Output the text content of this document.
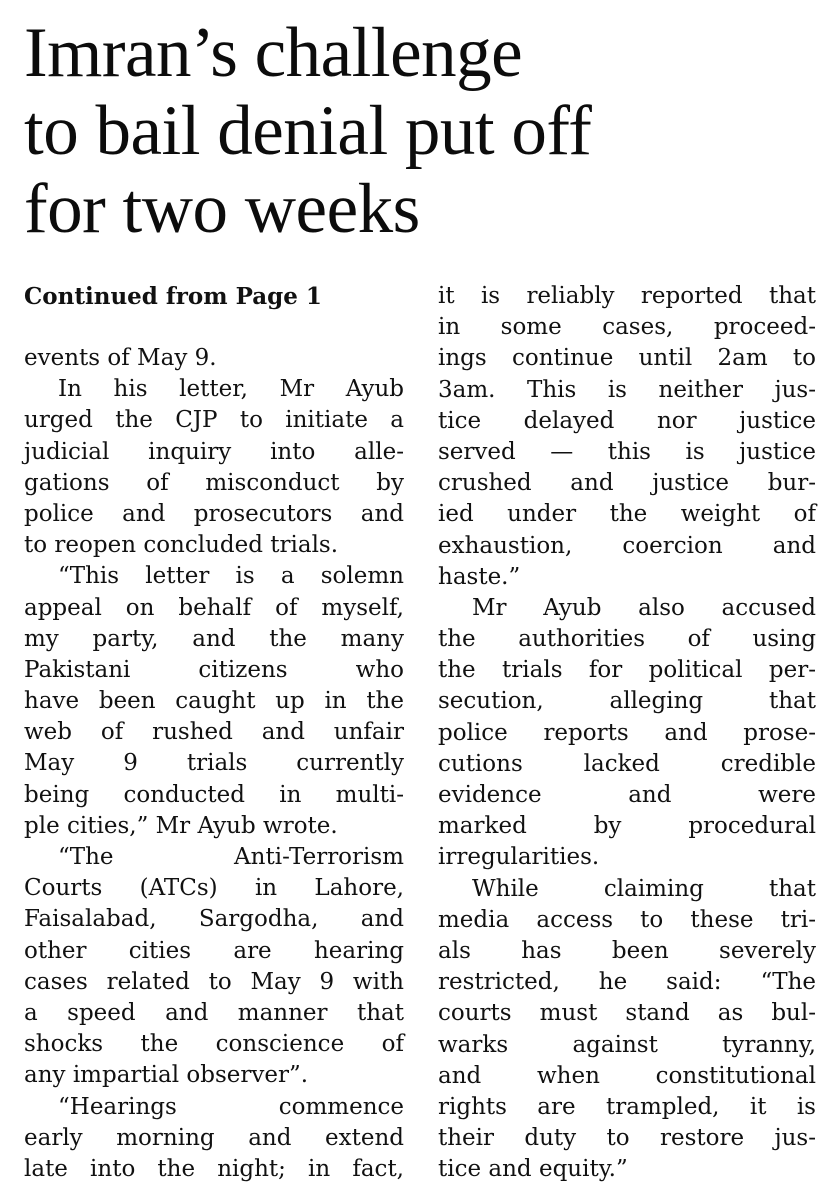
Imran’s challenge
to bail denial put off
for two weeks
Continued from Page 1
events of May 9.
In his letter, Mr Ayub
urged the CJP to initiate a
judicial inquiry into alle-
gations of misconduct by
police and prosecutors and
to reopen concluded trials.
“This letter is a solemn
appeal on behalf of myself,
my party, and the many
Pakistani citizens who
have been caught up in the
web of rushed and unfair
May 9 trials currently
being conducted in multi-
ple cities,” Mr Ayub wrote.
“The Anti-Terrorism
Courts (ATCs) in Lahore,
Faisalabad, Sargodha, and
other cities are hearing
cases related to May 9 with
a speed and manner that
shocks the conscience of
any impartial observer”.
“Hearings commence
early morning and extend
late into the night; in fact,
it is reliably reported that
in some cases, proceed-
ings continue until 2am to
3am. This is neither jus-
tice delayed nor justice
served — this is justice
crushed and justice bur-
ied under the weight of
exhaustion, coercion and
haste.”
Mr Ayub also accused
the authorities of using
the trials for political per-
secution, alleging that
police reports and prose-
cutions lacked credible
evidence and were
marked by procedural
irregularities.
While claiming that
media access to these tri-
als has been severely
restricted, he said: “The
courts must stand as bul-
warks against tyranny,
and when constitutional
rights are trampled, it is
their duty to restore jus-
tice and equity.”
